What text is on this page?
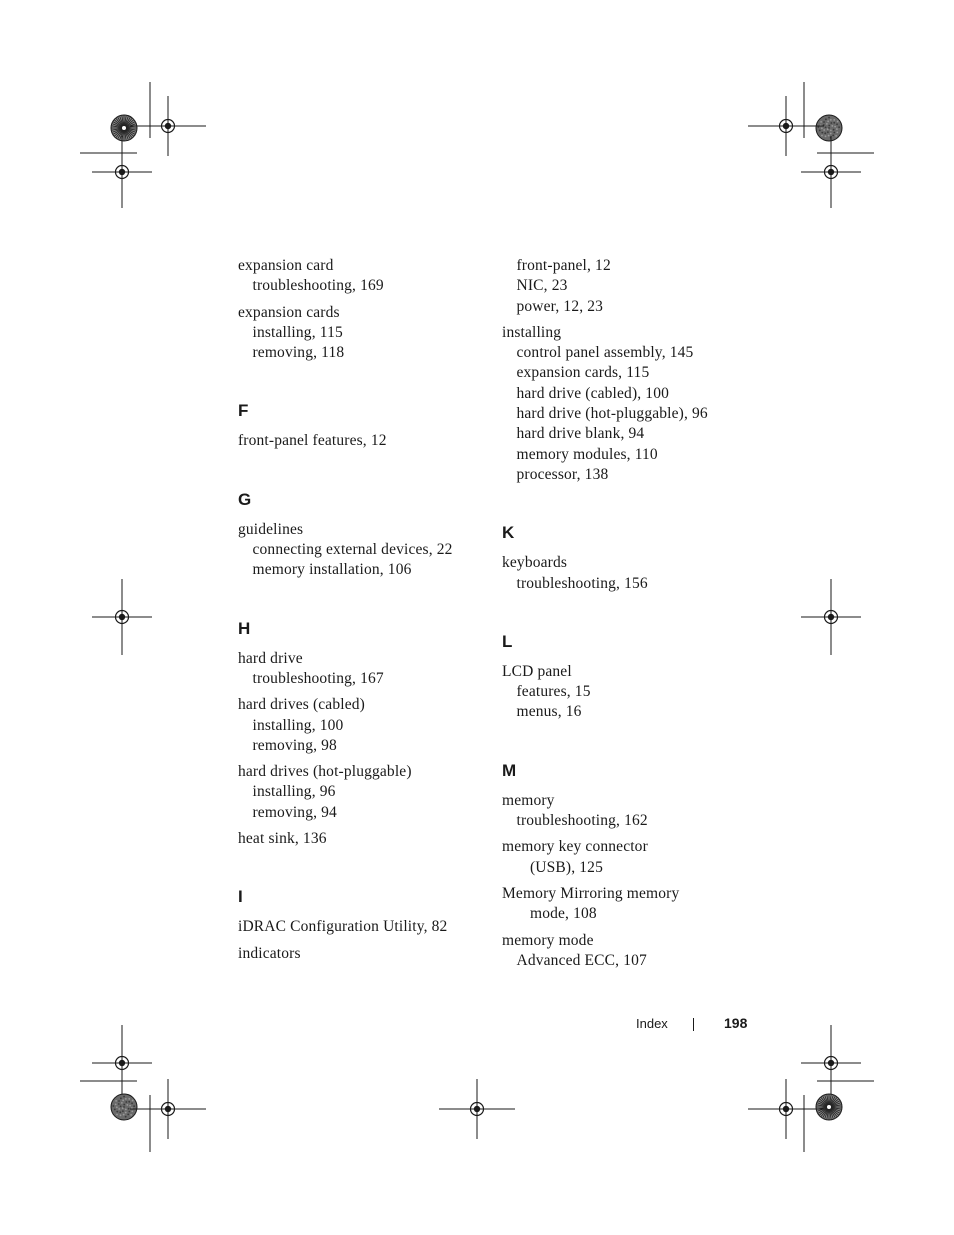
expansion card
troubleshooting, 169
expansion cards
installing, 115
removing, 118
F
front-panel features, 12
G
guidelines
connecting external devices, 22
memory installation, 106
H
hard drive
troubleshooting, 167
hard drives (cabled)
installing, 100
removing, 98
hard drives (hot-pluggable)
installing, 96
removing, 94
heat sink, 136
I
iDRAC Configuration Utility, 82
indicators
front-panel, 12
NIC, 23
power, 12, 23
installing
control panel assembly, 145
expansion cards, 115
hard drive (cabled), 100
hard drive (hot-pluggable), 96
hard drive blank, 94
memory modules, 110
processor, 138
K
keyboards
troubleshooting, 156
L
LCD panel
features, 15
menus, 16
M
memory
troubleshooting, 162
memory key connector
(USB), 125
Memory Mirroring memory
mode, 108
memory mode
Advanced ECC, 107
Index	198
